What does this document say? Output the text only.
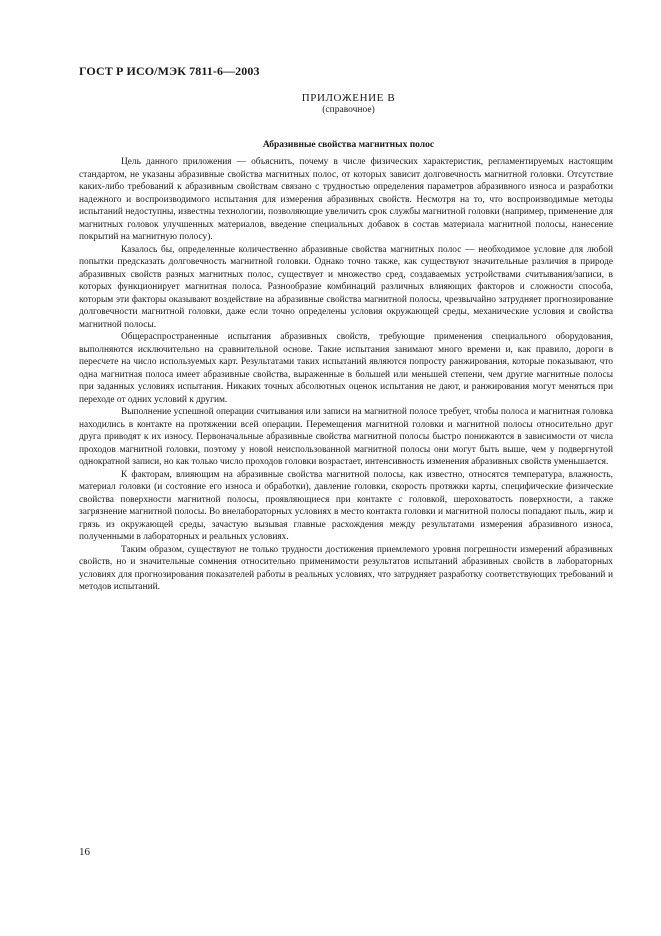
ГОСТ Р ИСО/МЭК 7811-6—2003
ПРИЛОЖЕНИЕ В
(справочное)
Абразивные свойства магнитных полос

Цель данного приложения — объяснить, почему в числе физических характеристик, регламентируемых настоящим стандартом, не указаны абразивные свойства магнитных полос, от которых зависит долговечность магнитной головки. Отсутствие каких-либо требований к абразивным свойствам связано с трудностью определения параметров абразивного износа и разработки надежного и воспроизводимого испытания для измерения абразивных свойств. Несмотря на то, что воспроизводимые методы испытаний недоступны, известны технологии, позволяющие увеличить срок службы магнитной головки (например, применение для магнитных головок улучшенных материалов, введение специальных добавок в состав материала магнитной полосы, нанесение покрытий на магнитную полосу).

Казалось бы, определенные количественно абразивные свойства магнитных полос — необходимое условие для любой попытки предсказать долговечность магнитной головки. Однако точно также, как существуют значительные различия в природе абразивных свойств разных магнитных полос, существует и множество сред, создаваемых устройствами считывания/записи, в которых функционирует магнитная полоса. Разнообразие комбинаций различных влияющих факторов и сложности способа, которым эти факторы оказывают воздействие на абразивные свойства магнитной полосы, чрезвычайно затрудняет прогнозирование долговечности магнитной головки, даже если точно определены условия окружающей среды, механические условия и свойства магнитной полосы.

Общераспространенные испытания абразивных свойств, требующие применения специального оборудования, выполняются исключительно на сравнительной основе. Такие испытания занимают много времени и, как правило, дороги в пересчете на число используемых карт. Результатами таких испытаний являются попросту ранжирования, которые показывают, что одна магнитная полоса имеет абразивные свойства, выраженные в большей или меньшей степени, чем другие магнитные полосы при заданных условиях испытания. Никаких точных абсолютных оценок испытания не дают, и ранжирования могут меняться при переходе от одних условий к другим.

Выполнение успешной операции считывания или записи на магнитной полосе требует, чтобы полоса и магнитная головка находились в контакте на протяжении всей операции. Перемещения магнитной головки и магнитной полосы относительно друг друга приводят к их износу. Первоначальные абразивные свойства магнитной полосы быстро понижаются в зависимости от числа проходов магнитной головки, поэтому у новой неиспользованной магнитной полосы они могут быть выше, чем у подвергнутой однократной записи, но как только число проходов головки возрастает, интенсивность изменения абразивных свойств уменьшается.

К факторам, влияющим на абразивные свойства магнитной полосы, как известно, относятся температура, влажность, материал головки (и состояние его износа и обработки), давление головки, скорость протяжки карты, специфические физические свойства поверхности магнитной полосы, проявляющиеся при контакте с головкой, шероховатость поверхности, а также загрязнение магнитной полосы. Во внелабораторных условиях в место контакта головки и магнитной полосы попадают пыль, жир и грязь из окружающей среды, зачастую вызывая главные расхождения между результатами измерения абразивного износа, полученными в лабораторных и реальных условиях.

Таким образом, существуют не только трудности достижения приемлемого уровня погрешности измерений абразивных свойств, но и значительные сомнения относительно применимости результатов испытаний абразивных свойств в лабораторных условиях для прогнозирования показателей работы в реальных условиях, что затрудняет разработку соответствующих требований и методов испытаний.

16
